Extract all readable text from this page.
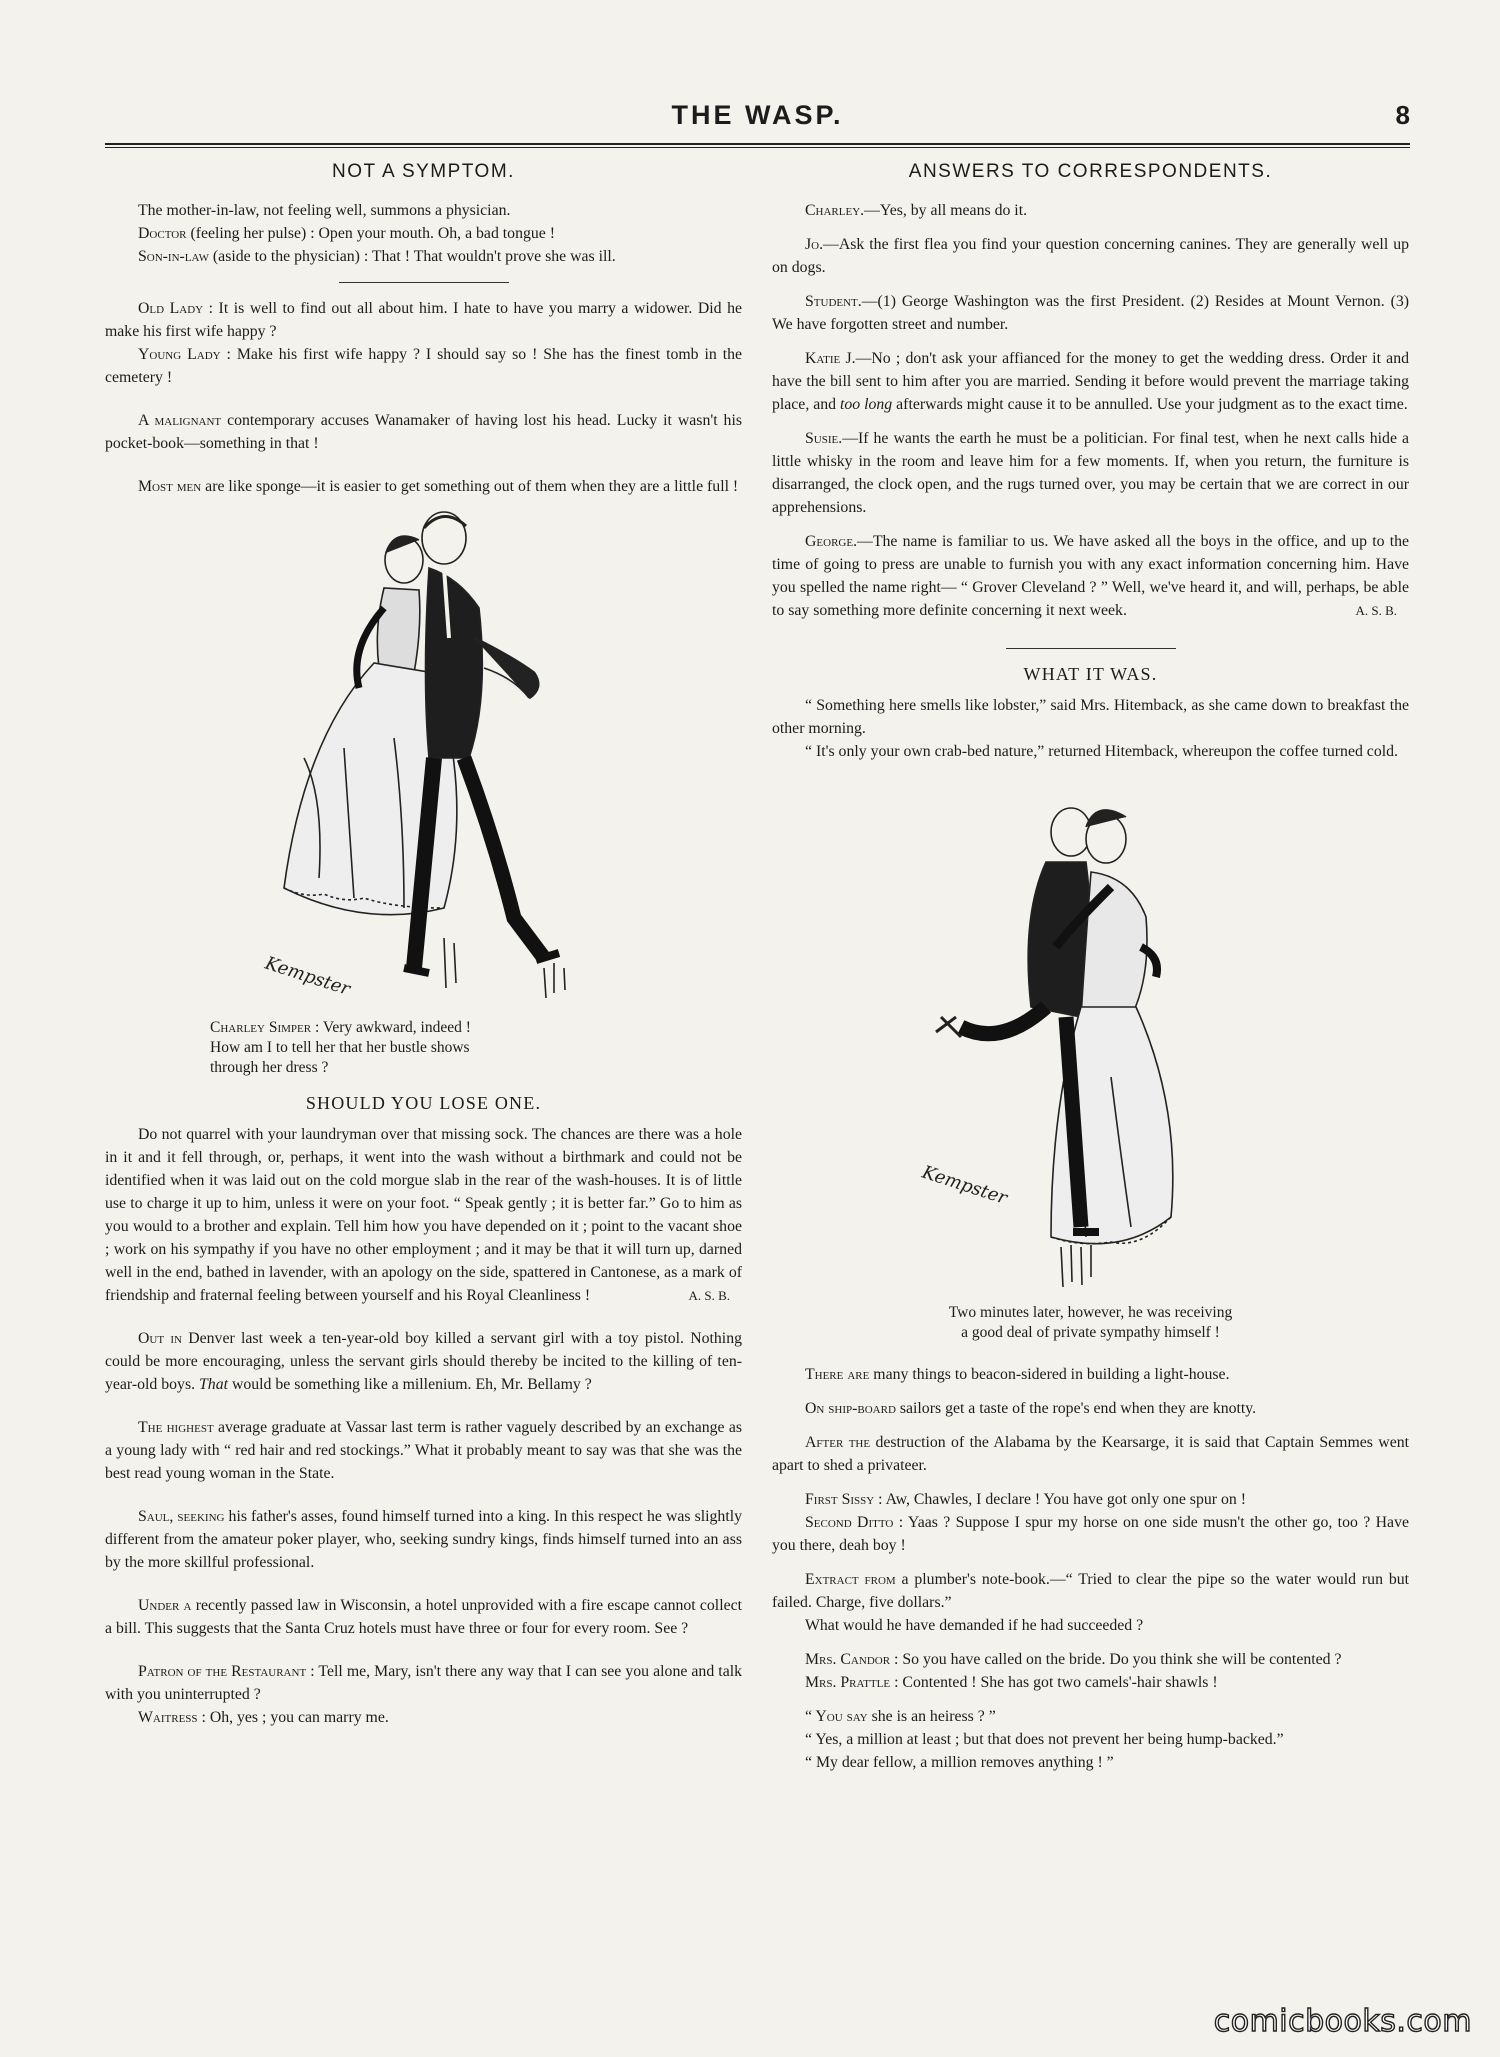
THE WASP.	8
NOT A SYMPTOM.

The mother-in-law, not feeling well, summons a physician.

Doctor (feeling her pulse) : Open your mouth. Oh, a bad tongue !

Son-in-law (aside to the physician) : That ! That wouldn't prove she was ill.

Old Lady : It is well to find out all about him. I hate to have you marry a widower. Did he make his first wife happy ?

Young Lady : Make his first wife happy ? I should say so ! She has the finest tomb in the cemetery !

A malignant contemporary accuses Wanamaker of having lost his head. Lucky it wasn't his pocket-book—something in that !

Most men are like sponge—it is easier to get something out of them when they are a little full !

Kempster
Charley Simper : Very awkward, indeed !
How am I to tell her that her bustle shows
through her dress ?
SHOULD YOU LOSE ONE.

Do not quarrel with your laundryman over that missing sock. The chances are there was a hole in it and it fell through, or, perhaps, it went into the wash without a birthmark and could not be identified when it was laid out on the cold morgue slab in the rear of the wash-houses. It is of little use to charge it up to him, unless it were on your foot. “ Speak gently ; it is better far.” Go to him as you would to a brother and explain. Tell him how you have depended on it ; point to the vacant shoe ; work on his sympathy if you have no other employment ; and it may be that it will turn up, darned well in the end, bathed in lavender, with an apology on the side, spattered in Cantonese, as a mark of friendship and fraternal feeling between yourself and his Royal Cleanliness !	A. S. B.

Out in Denver last week a ten-year-old boy killed a servant girl with a toy pistol. Nothing could be more encouraging, unless the servant girls should thereby be incited to the killing of ten-year-old boys. That would be something like a millenium. Eh, Mr. Bellamy ?

The highest average graduate at Vassar last term is rather vaguely described by an exchange as a young lady with “ red hair and red stockings.” What it probably meant to say was that she was the best read young woman in the State.

Saul, seeking his father's asses, found himself turned into a king. In this respect he was slightly different from the amateur poker player, who, seeking sundry kings, finds himself turned into an ass by the more skillful professional.

Under a recently passed law in Wisconsin, a hotel unprovided with a fire escape cannot collect a bill. This suggests that the Santa Cruz hotels must have three or four for every room. See ?

Patron of the Restaurant : Tell me, Mary, isn't there any way that I can see you alone and talk with you uninterrupted ?

Waitress : Oh, yes ; you can marry me.

ANSWERS TO CORRESPONDENTS.

Charley.—Yes, by all means do it.

Jo.—Ask the first flea you find your question concerning canines. They are generally well up on dogs.

Student.—(1) George Washington was the first President. (2) Resides at Mount Vernon. (3) We have forgotten street and number.

Katie J.—No ; don't ask your affianced for the money to get the wedding dress. Order it and have the bill sent to him after you are married. Sending it before would prevent the marriage taking place, and too long afterwards might cause it to be annulled. Use your judgment as to the exact time.

Susie.—If he wants the earth he must be a politician. For final test, when he next calls hide a little whisky in the room and leave him for a few moments. If, when you return, the furniture is disarranged, the clock open, and the rugs turned over, you may be certain that we are correct in our apprehensions.

George.—The name is familiar to us. We have asked all the boys in the office, and up to the time of going to press are unable to furnish you with any exact information concerning him. Have you spelled the name right— “ Grover Cleveland ? ” Well, we've heard it, and will, perhaps, be able to say something more definite concerning it next week.	A. S. B.

WHAT IT WAS.

“ Something here smells like lobster,” said Mrs. Hitemback, as she came down to breakfast the other morning.

“ It's only your own crab-bed nature,” returned Hitemback, whereupon the coffee turned cold.

Kempster
Two minutes later, however, he was receiving
a good deal of private sympathy himself !

There are many things to beacon-sidered in building a light-house.

On ship-board sailors get a taste of the rope's end when they are knotty.

After the destruction of the Alabama by the Kearsarge, it is said that Captain Semmes went apart to shed a privateer.

First Sissy : Aw, Chawles, I declare ! You have got only one spur on !

Second Ditto : Yaas ? Suppose I spur my horse on one side musn't the other go, too ? Have you there, deah boy !

Extract from a plumber's note-book.—“ Tried to clear the pipe so the water would run but failed. Charge, five dollars.”

What would he have demanded if he had succeeded ?

Mrs. Candor : So you have called on the bride. Do you think she will be contented ?

Mrs. Prattle : Contented ! She has got two camels'-hair shawls !

“ You say she is an heiress ? ”

“ Yes, a million at least ; but that does not prevent her being hump-backed.”

“ My dear fellow, a million removes anything ! ”

comicbooks.com
